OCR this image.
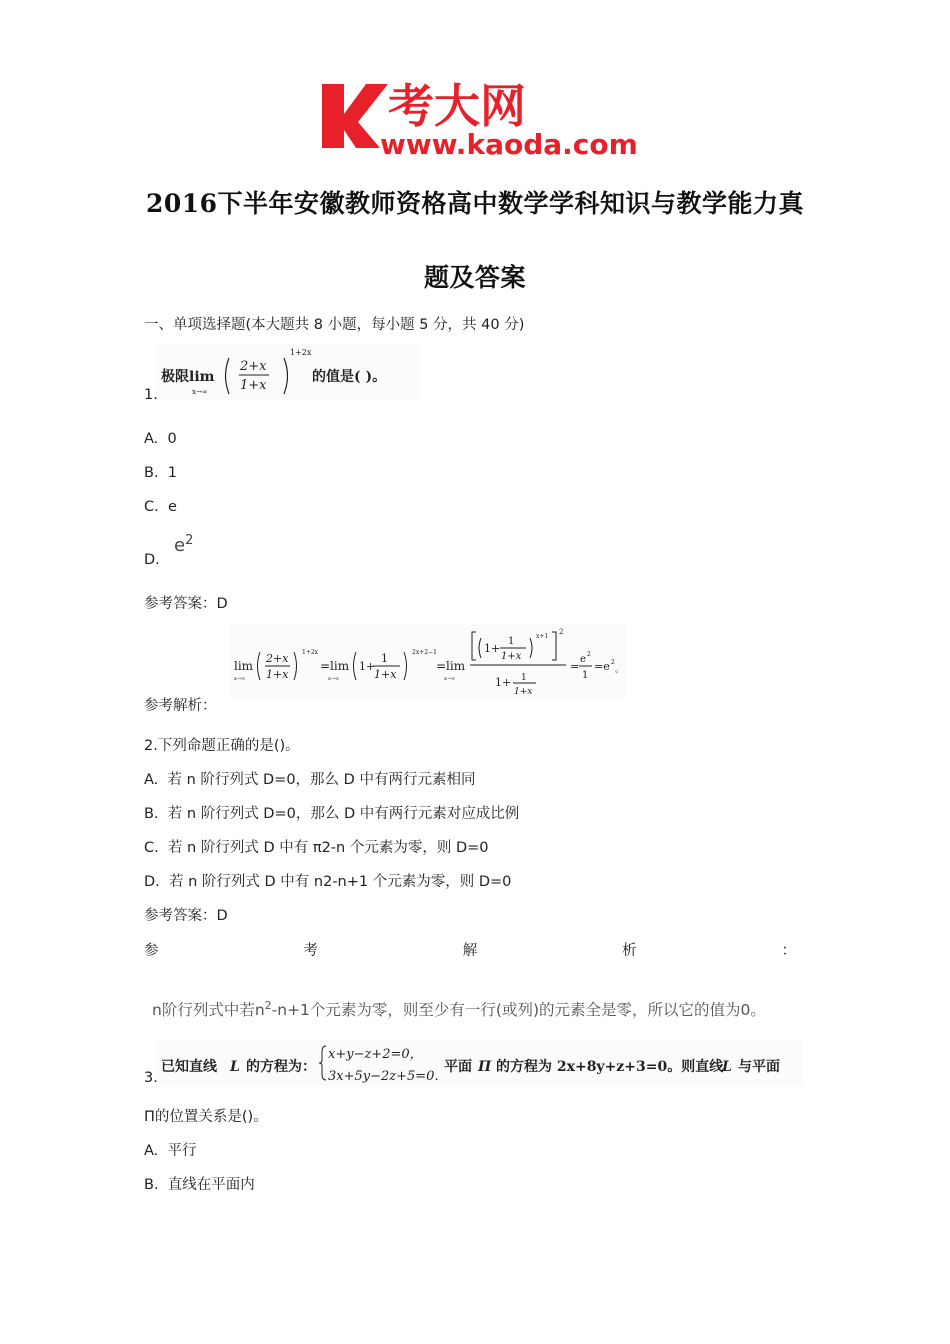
考大网
www.kaoda.com
2016下半年安徽教师资格高中数学学科知识与教学能力真
题及答案
一、单项选择题(本大题共 8 小题，每小题 5 分，共 40 分)
极限lim
x→∞
2+x
1+x
1+2x
的值是( )。
1.
A. 0
B. 1
C. e
D.
$e^2$
参考答案：D
lim
x→∞
2+x
1+x
1+2x
=lim
x→∞
1+
1
1+x
2x+2−1
=lim
x→∞
1+
1
1+x
x+1
2
1+ 1
1+x
=
e 2
1
=e 2
。
参考解析：
2.下列命题正确的是()。
A. 若 n 阶行列式 D=0，那么 D 中有两行元素相同
B. 若 n 阶行列式 D=0，那么 D 中有两行元素对应成比例
C. 若 n 阶行列式 D 中有 π2-n 个元素为零，则 D=0
D. 若 n 阶行列式 D 中有 n2-n+1 个元素为零，则 D=0
参考答案：D
参	考	解	析	：
n阶行列式中若$n^2-n+1$个元素为零，则至少有一行(或列)的元素全是零，所以它的值为0。
已知直线 L 的方程为：
x+y−z+2=0，
3x+5y−2z+5=0.
平面 Π 的方程为 2x+8y+z+3=0。则直线
L 与平面
3.
Π的位置关系是()。
A. 平行
B. 直线在平面内
